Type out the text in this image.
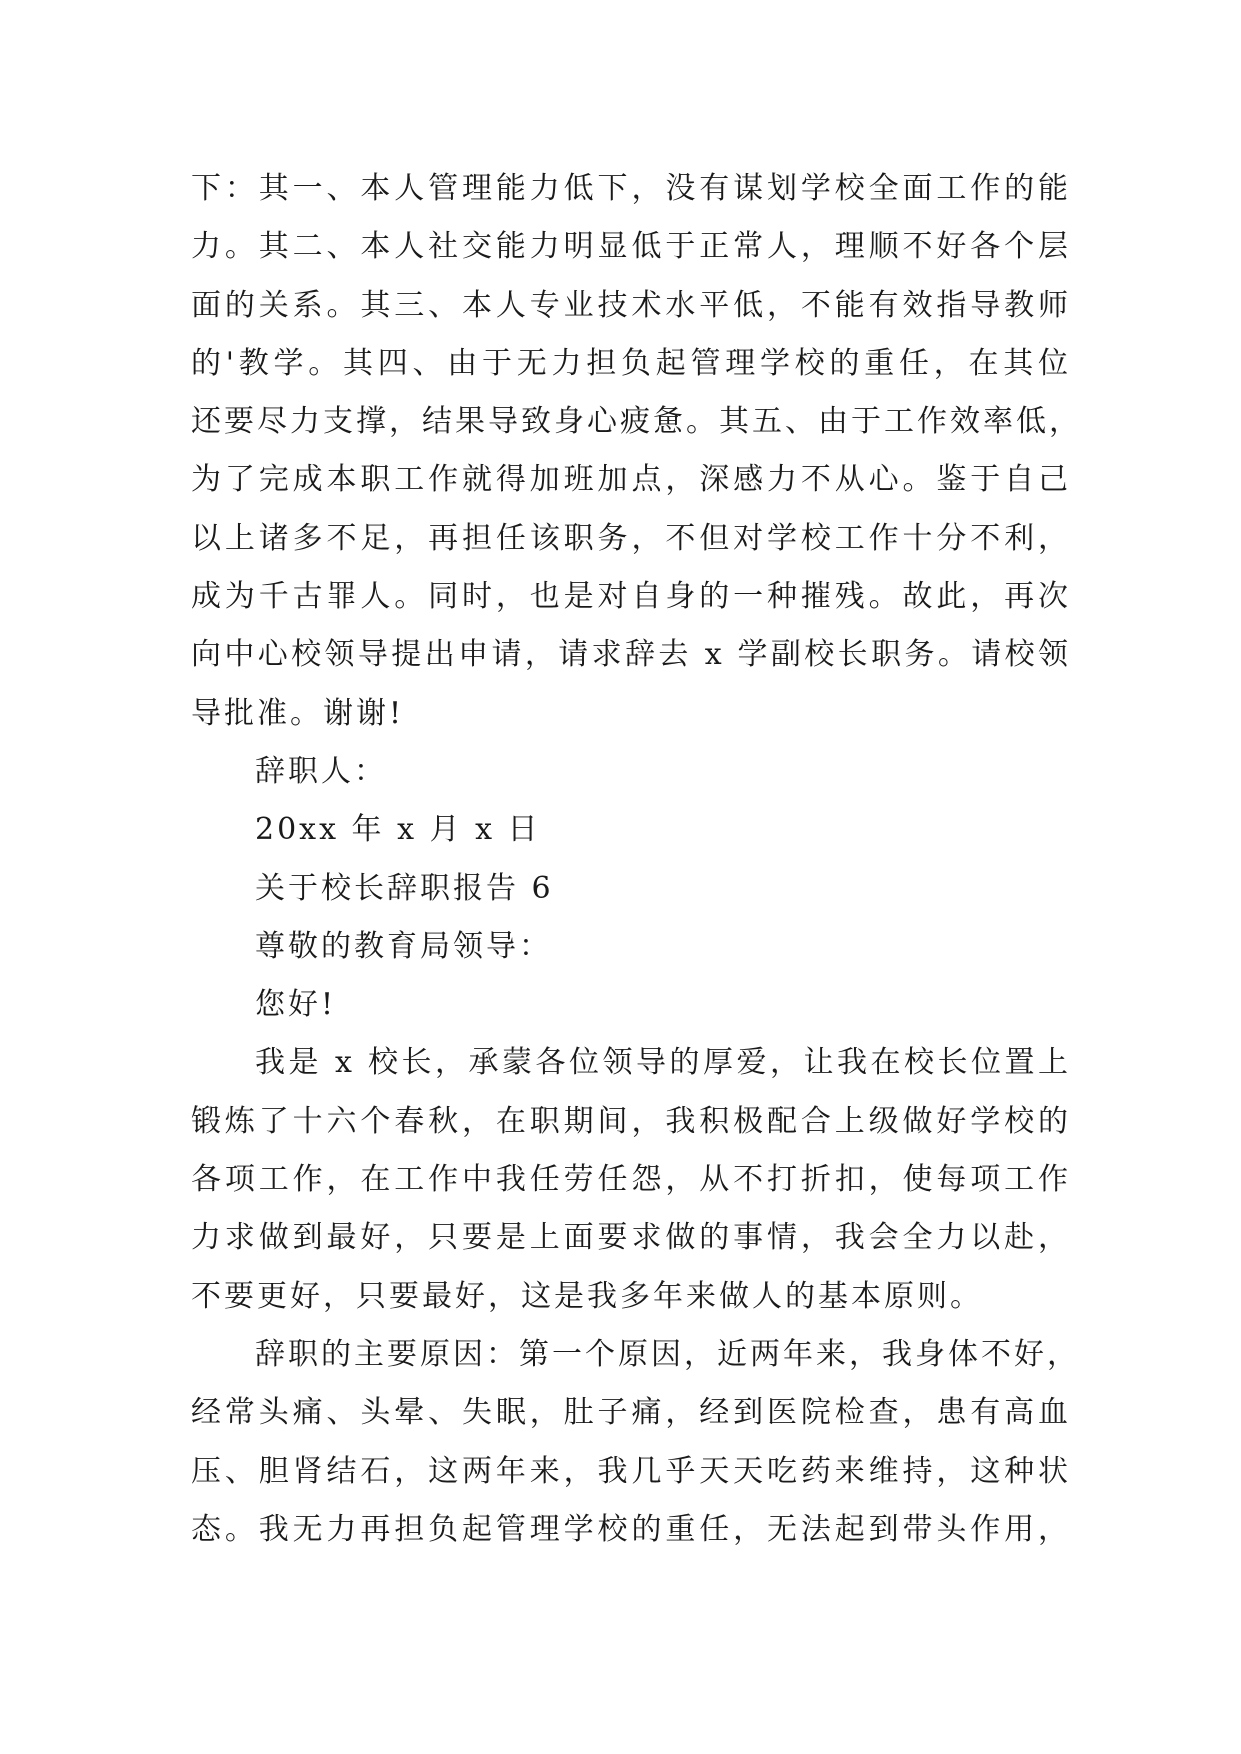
下：其一、本人管理能力低下，没有谋划学校全面工作的能
力。其二、本人社交能力明显低于正常人，理顺不好各个层
面的关系。其三、本人专业技术水平低，不能有效指导教师
的'教学。其四、由于无力担负起管理学校的重任，在其位
还要尽力支撑，结果导致身心疲惫。其五、由于工作效率低，
为了完成本职工作就得加班加点，深感力不从心。鉴于自己
以上诸多不足，再担任该职务，不但对学校工作十分不利，
成为千古罪人。同时，也是对自身的一种摧残。故此，再次
向中心校领导提出申请，请求辞去 x 学副校长职务。请校领
导批准。谢谢!
辞职人：
20xx 年 x 月 x 日
关于校长辞职报告 6
尊敬的教育局领导：
您好!
我是 x 校长，承蒙各位领导的厚爱，让我在校长位置上
锻炼了十六个春秋，在职期间，我积极配合上级做好学校的
各项工作，在工作中我任劳任怨，从不打折扣，使每项工作
力求做到最好，只要是上面要求做的事情，我会全力以赴，
不要更好，只要最好，这是我多年来做人的基本原则。
辞职的主要原因：第一个原因，近两年来，我身体不好，
经常头痛、头晕、失眠，肚子痛，经到医院检查，患有高血
压、胆肾结石，这两年来，我几乎天天吃药来维持，这种状
态。我无力再担负起管理学校的重任，无法起到带头作用，
